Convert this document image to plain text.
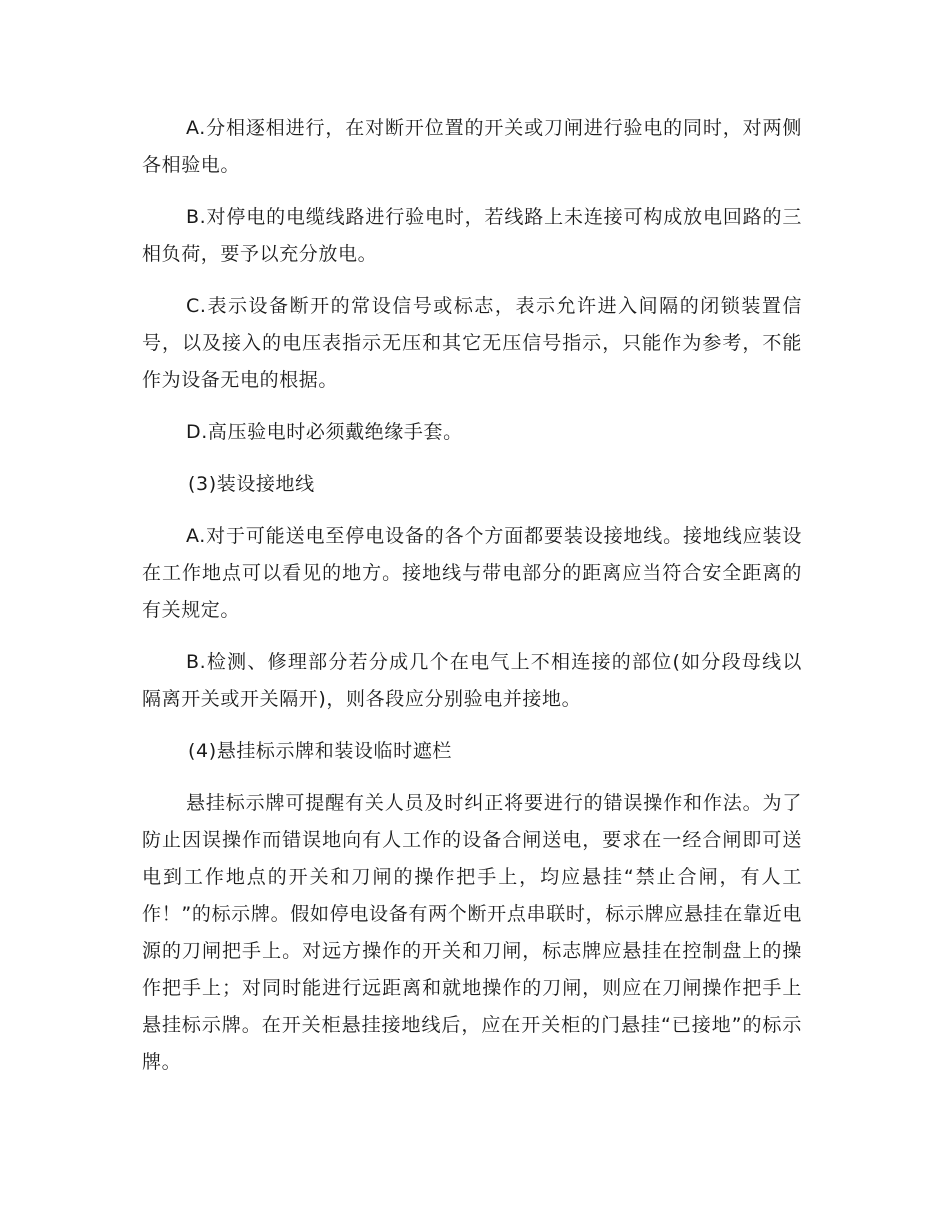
A.分相逐相进行，在对断开位置的开关或刀闸进行验电的同时，对两侧各相验电。

B.对停电的电缆线路进行验电时，若线路上未连接可构成放电回路的三相负荷，要予以充分放电。

C.表示设备断开的常设信号或标志，表示允许进入间隔的闭锁装置信号，以及接入的电压表指示无压和其它无压信号指示，只能作为参考，不能作为设备无电的根据。

D.高压验电时必须戴绝缘手套。

(3)装设接地线

A.对于可能送电至停电设备的各个方面都要装设接地线。接地线应装设在工作地点可以看见的地方。接地线与带电部分的距离应当符合安全距离的有关规定。

B.检测、修理部分若分成几个在电气上不相连接的部位(如分段母线以隔离开关或开关隔开)，则各段应分别验电并接地。

(4)悬挂标示牌和装设临时遮栏

悬挂标示牌可提醒有关人员及时纠正将要进行的错误操作和作法。为了防止因误操作而错误地向有人工作的设备合闸送电，要求在一经合闸即可送电到工作地点的开关和刀闸的操作把手上，均应悬挂“禁止合闸，有人工作！”的标示牌。假如停电设备有两个断开点串联时，标示牌应悬挂在靠近电源的刀闸把手上。对远方操作的开关和刀闸，标志牌应悬挂在控制盘上的操作把手上；对同时能进行远距离和就地操作的刀闸，则应在刀闸操作把手上悬挂标示牌。在开关柜悬挂接地线后，应在开关柜的门悬挂“已接地”的标示牌。
